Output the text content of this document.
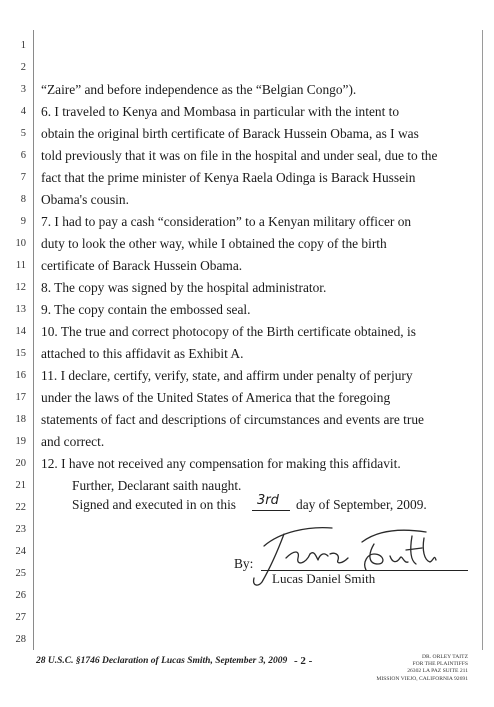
1
2
3
4
5
6
7
8
9
10
11
12
13
14
15
16
17
18
19
20
21
22
23
24
25
26
27
28
“Zaire” and before independence as the “Belgian Congo”).
6. I traveled to Kenya and Mombasa in particular with the intent to
obtain the original birth certificate of Barack Hussein Obama, as I was
told previously that it was on file in the hospital and under seal, due to the
fact that the prime minister of Kenya Raela Odinga is Barack Hussein
Obama's cousin.
7. I had to pay a cash “consideration” to a Kenyan military officer on
duty to look the other way, while I obtained the copy of the birth
certificate of Barack Hussein Obama.
8. The copy was signed by the hospital administrator.
9. The copy contain the embossed seal.
10. The true and correct photocopy of the Birth certificate obtained, is
attached to this affidavit as Exhibit A.
11. I declare, certify, verify, state, and affirm under penalty of perjury
under the laws of the United States of America that the foregoing
statements of fact and descriptions of circumstances and events are true
and correct.
12. I have not received any compensation for making this affidavit.
Further, Declarant saith naught.
Signed and executed in on this 3rd day of September, 2009.
By:
Lucas Daniel Smith
28 U.S.C. §1746 Declaration of Lucas Smith, September 3, 2009 - 2 -	DR. ORLEY TAITZ
FOR THE PLAINTIFFS
26302 LA PAZ SUITE 211
MISSION VIEJO, CALIFORNIA 92691
